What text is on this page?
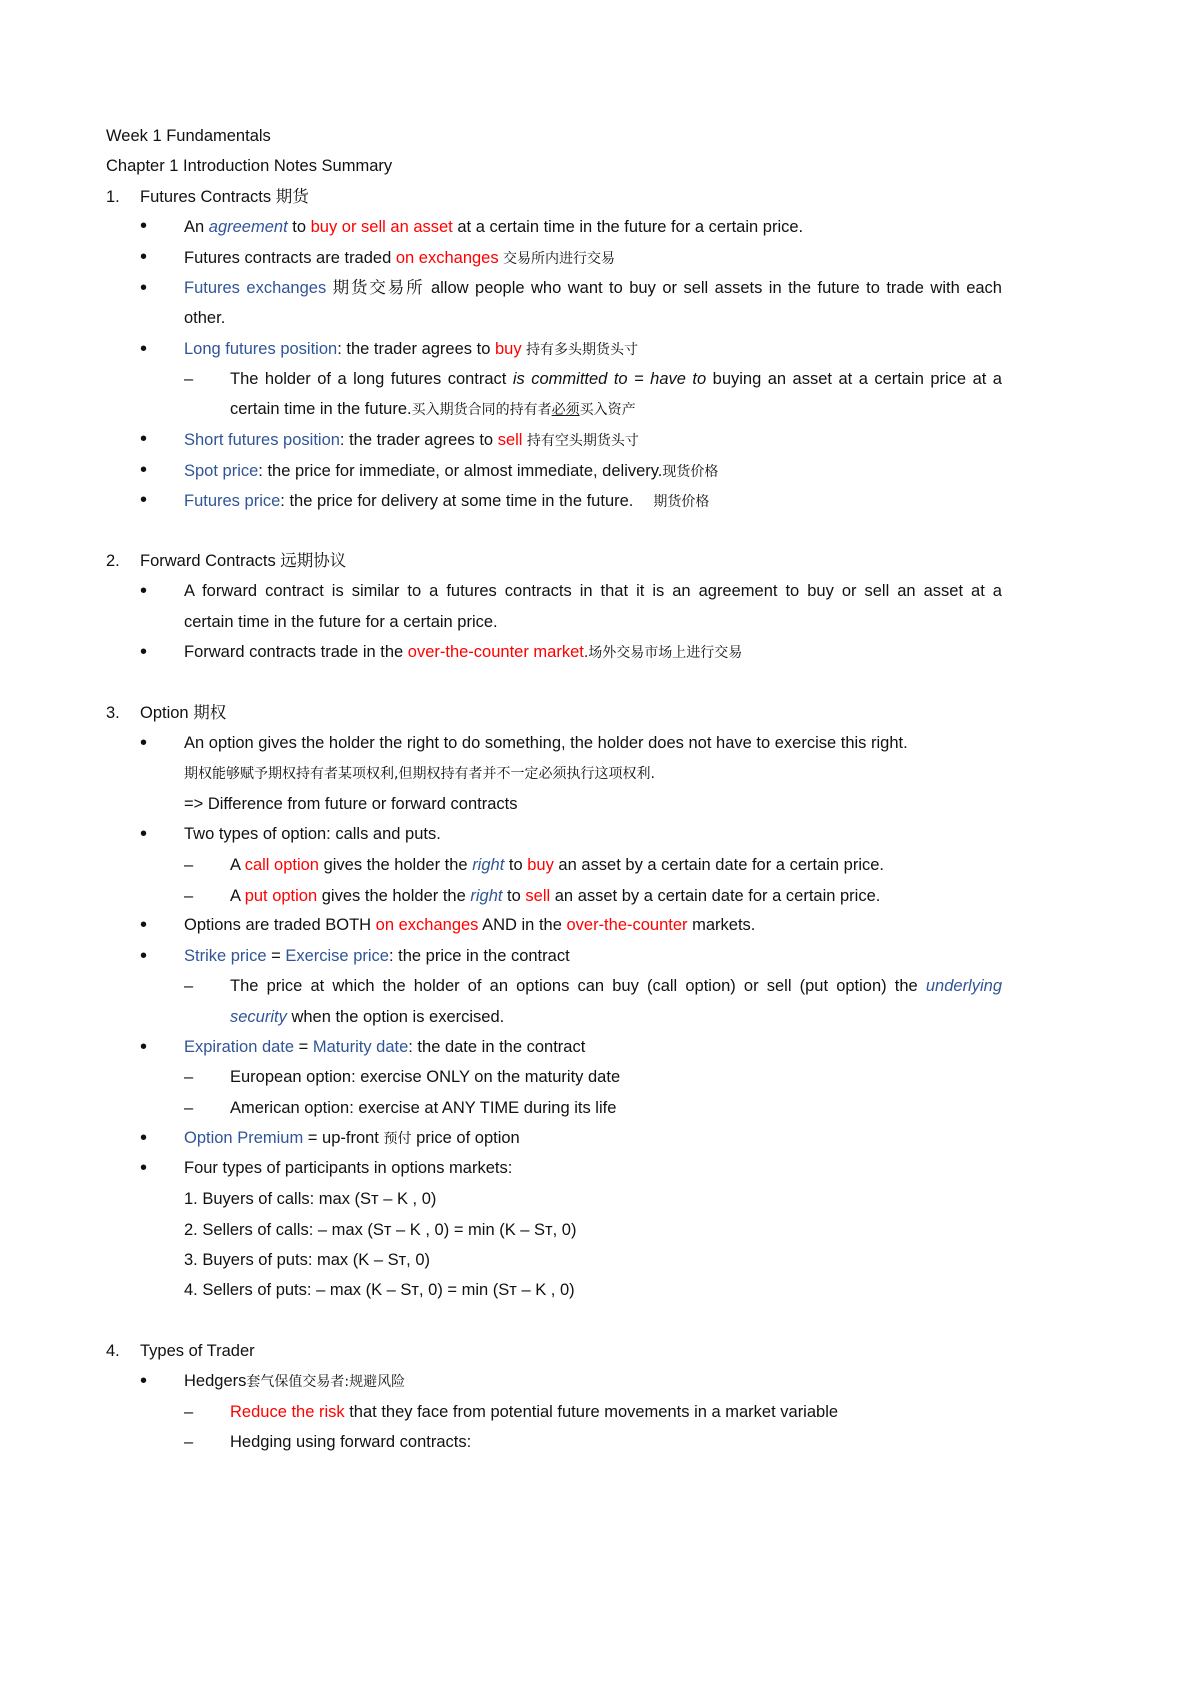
Week 1 Fundamentals
Chapter 1 Introduction Notes Summary
1. Futures Contracts 期货
• An agreement to buy or sell an asset at a certain time in the future for a certain price.
• Futures contracts are traded on exchanges 交易所内进行交易
• Futures exchanges 期货交易所 allow people who want to buy or sell assets in the future to trade with each
other.
• Long futures position: the trader agrees to buy 持有多头期货头寸
– The holder of a long futures contract is committed to = have to buying an asset at a certain price at a
certain time in the future.买入期货合同的持有者必须买入资产
• Short futures position: the trader agrees to sell 持有空头期货头寸
• Spot price: the price for immediate, or almost immediate, delivery.现货价格
• Futures price: the price for delivery at some time in the future. 期货价格
2. Forward Contracts 远期协议
• A forward contract is similar to a futures contracts in that it is an agreement to buy or sell an asset at a
certain time in the future for a certain price.
• Forward contracts trade in the over-the-counter market.场外交易市场上进行交易
3. Option 期权
• An option gives the holder the right to do something, the holder does not have to exercise this right.
期权能够赋予期权持有者某项权利,但期权持有者并不一定必须执行这项权利.
=> Difference from future or forward contracts
• Two types of option: calls and puts.
– A call option gives the holder the right to buy an asset by a certain date for a certain price.
– A put option gives the holder the right to sell an asset by a certain date for a certain price.
• Options are traded BOTH on exchanges AND in the over-the-counter markets.
• Strike price = Exercise price: the price in the contract
– The price at which the holder of an options can buy (call option) or sell (put option) the underlying
security when the option is exercised.
• Expiration date = Maturity date: the date in the contract
– European option: exercise ONLY on the maturity date
– American option: exercise at ANY TIME during its life
• Option Premium = up-front 预付 price of option
• Four types of participants in options markets:
1. Buyers of calls: max (Sᴛ – K , 0)
2. Sellers of calls: – max (Sᴛ – K , 0) = min (K – Sᴛ, 0)
3. Buyers of puts: max (K – Sᴛ, 0)
4. Sellers of puts: – max (K – Sᴛ, 0) = min (Sᴛ – K , 0)
4. Types of Trader
• Hedgers套气保值交易者:规避风险
– Reduce the risk that they face from potential future movements in a market variable
– Hedging using forward contracts:
